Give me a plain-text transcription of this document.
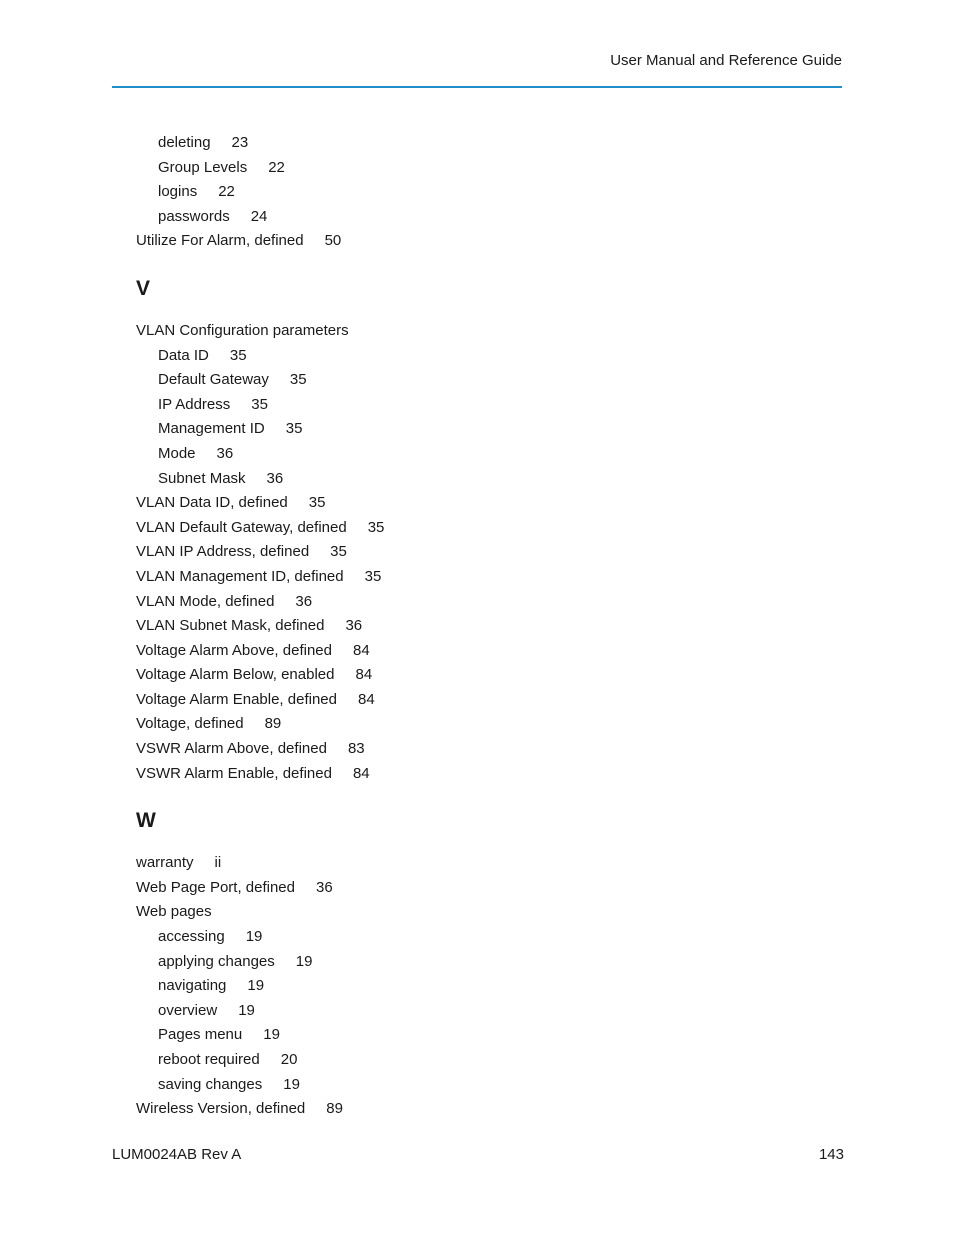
User Manual and Reference Guide
deleting 23
Group Levels 22
logins 22
passwords 24
Utilize For Alarm, defined 50
V
VLAN Configuration parameters
Data ID 35
Default Gateway 35
IP Address 35
Management ID 35
Mode 36
Subnet Mask 36
VLAN Data ID, defined 35
VLAN Default Gateway, defined 35
VLAN IP Address, defined 35
VLAN Management ID, defined 35
VLAN Mode, defined 36
VLAN Subnet Mask, defined 36
Voltage Alarm Above, defined 84
Voltage Alarm Below, enabled 84
Voltage Alarm Enable, defined 84
Voltage, defined 89
VSWR Alarm Above, defined 83
VSWR Alarm Enable, defined 84
W
warranty ii
Web Page Port, defined 36
Web pages
accessing 19
applying changes 19
navigating 19
overview 19
Pages menu 19
reboot required 20
saving changes 19
Wireless Version, defined 89
LUM0024AB Rev A	143
